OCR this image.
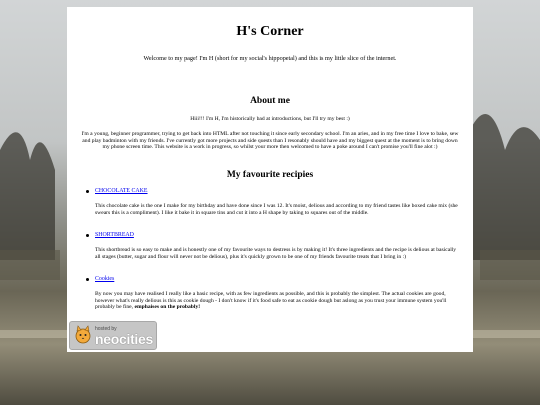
H's Corner
Welcome to my page! I'm H (short for my social's hippopetal) and this is my little slice of the internet.
About me
Hiii!!! I'm H, I'm historically bad at introductions, but I'll try my best :)
I'm a young, beginner programmer, trying to get back into HTML after not touching it since early secondary school. I'm an aries, and in my free time I love to bake, sew and play badminton with my friends. I've currently got more projects and side quests than I resonably should have and my biggest quest at the moment is to bring down my phone screen time. This website is a work in progress, so whilst your more then welcomed to have a poke around I can't promise you'll fine alot :)
My favourite recipies
CHOCOLATE CAKE
This chocolate cake is the one I make for my birthday and have done since I was 12. It's moist, delious and according to my friend tastes like boxed cake mix (she swears this is a compliment). I like it bake it in square tins and cut it into a H shape by taking to squares out of the middle.
SHORTBREAD
This shortbread is so easy to make and is honestly one of my favourite ways to destress is by making it! It's three ingredients and the recipe is delious at basically all stages (butter, sugar and flour will never not be delious), plus it's quickly grown to be one of my friends favourite treats that I bring in :)
Cookies
By now you may have realised I really like a basic recipe, with as few ingredients as possible, and this is probably the simplest. The actual cookies are good, however what's really delious is this as cookie dough - I don't know if it's food safe to eat as cookie dough but aslong as you trust your immune system you'll probably be fine, emphaises on the probably!
hosted by
neocities
